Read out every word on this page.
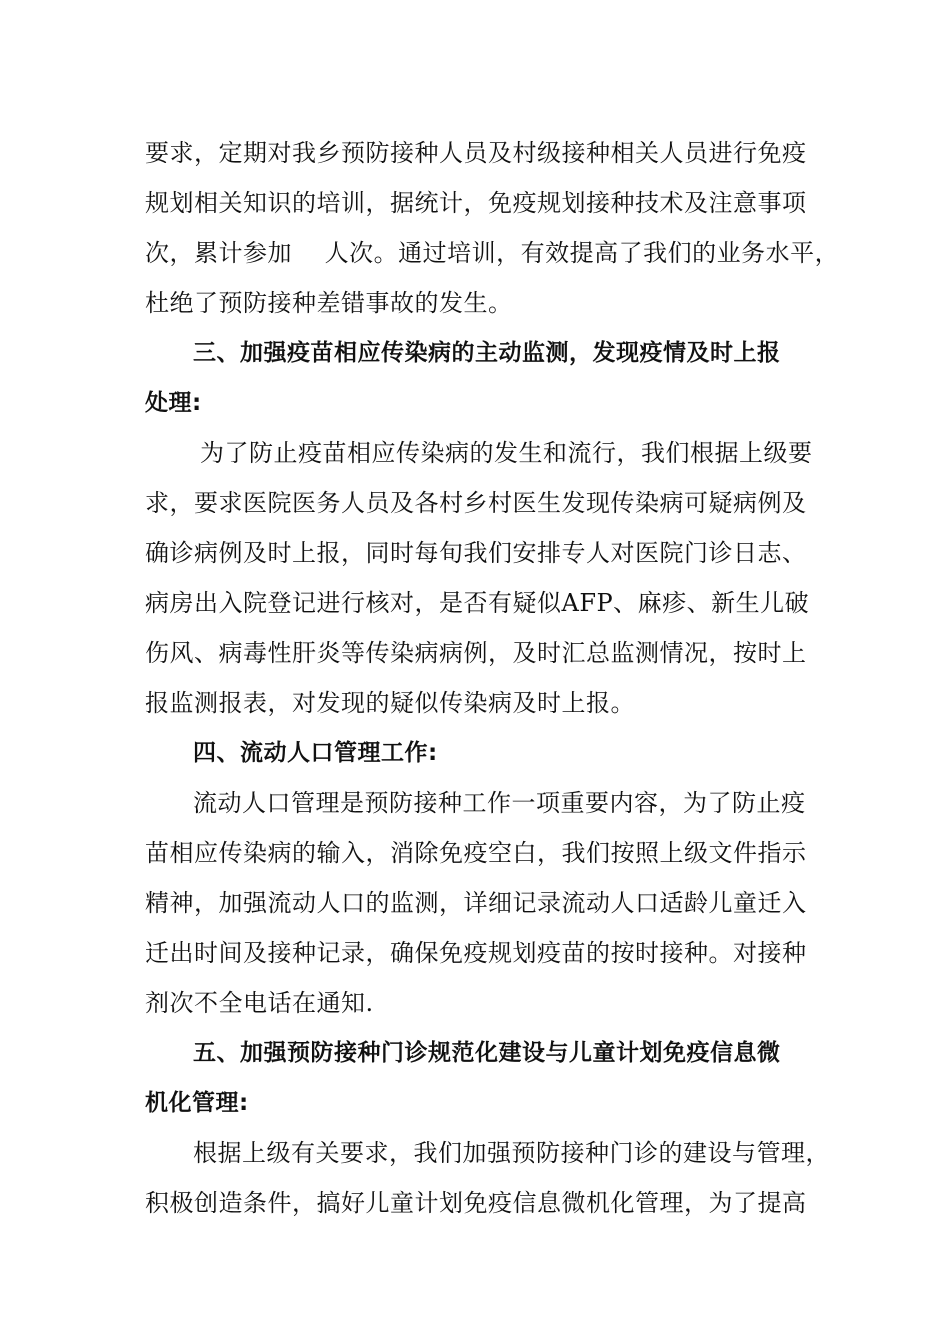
要求，定期对我乡预防接种人员及村级接种相关人员进行免疫

规划相关知识的培训，据统计，免疫规划接种技术及注意事项

次，累计参加　 人次。通过培训，有效提高了我们的业务水平，

杜绝了预防接种差错事故的发生。

三、加强疫苗相应传染病的主动监测，发现疫情及时上报

处理:

为了防止疫苗相应传染病的发生和流行，我们根据上级要

求，要求医院医务人员及各村乡村医生发现传染病可疑病例及

确诊病例及时上报，同时每旬我们安排专人对医院门诊日志、

病房出入院登记进行核对，是否有疑似AFP、麻疹、新生儿破

伤风、病毒性肝炎等传染病病例，及时汇总监测情况，按时上

报监测报表，对发现的疑似传染病及时上报。

四、流动人口管理工作:

流动人口管理是预防接种工作一项重要内容，为了防止疫

苗相应传染病的输入，消除免疫空白，我们按照上级文件指示

精神，加强流动人口的监测，详细记录流动人口适龄儿童迁入

迁出时间及接种记录，确保免疫规划疫苗的按时接种。对接种

剂次不全电话在通知.

五、加强预防接种门诊规范化建设与儿童计划免疫信息微

机化管理:

根据上级有关要求，我们加强预防接种门诊的建设与管理，

积极创造条件，搞好儿童计划免疫信息微机化管理，为了提高
